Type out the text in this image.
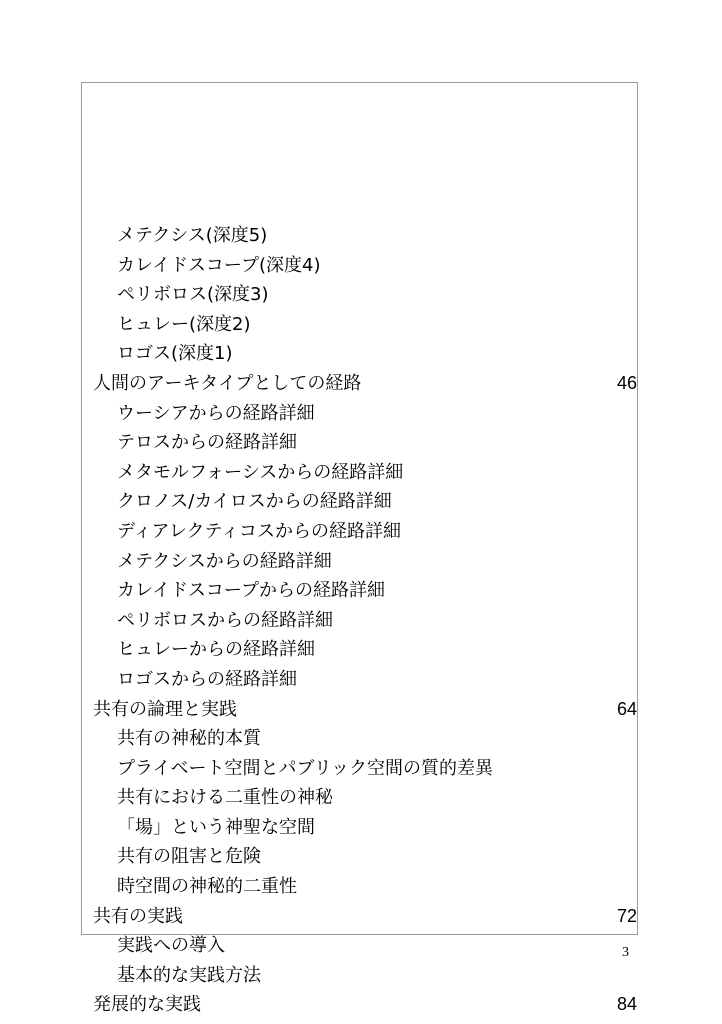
メテクシス(深度5)
カレイドスコープ(深度4)
ペリボロス(深度3)
ヒュレー(深度2)
ロゴス(深度1)
人間のアーキタイプとしての経路	46
ウーシアからの経路詳細
テロスからの経路詳細
メタモルフォーシスからの経路詳細
クロノス/カイロスからの経路詳細
ディアレクティコスからの経路詳細
メテクシスからの経路詳細
カレイドスコープからの経路詳細
ペリボロスからの経路詳細
ヒュレーからの経路詳細
ロゴスからの経路詳細
共有の論理と実践	64
共有の神秘的本質
プライベート空間とパブリック空間の質的差異
共有における二重性の神秘
「場」という神聖な空間
共有の阻害と危険
時空間の神秘的二重性
共有の実践	72
実践への導入
基本的な実践方法
発展的な実践	84
3
